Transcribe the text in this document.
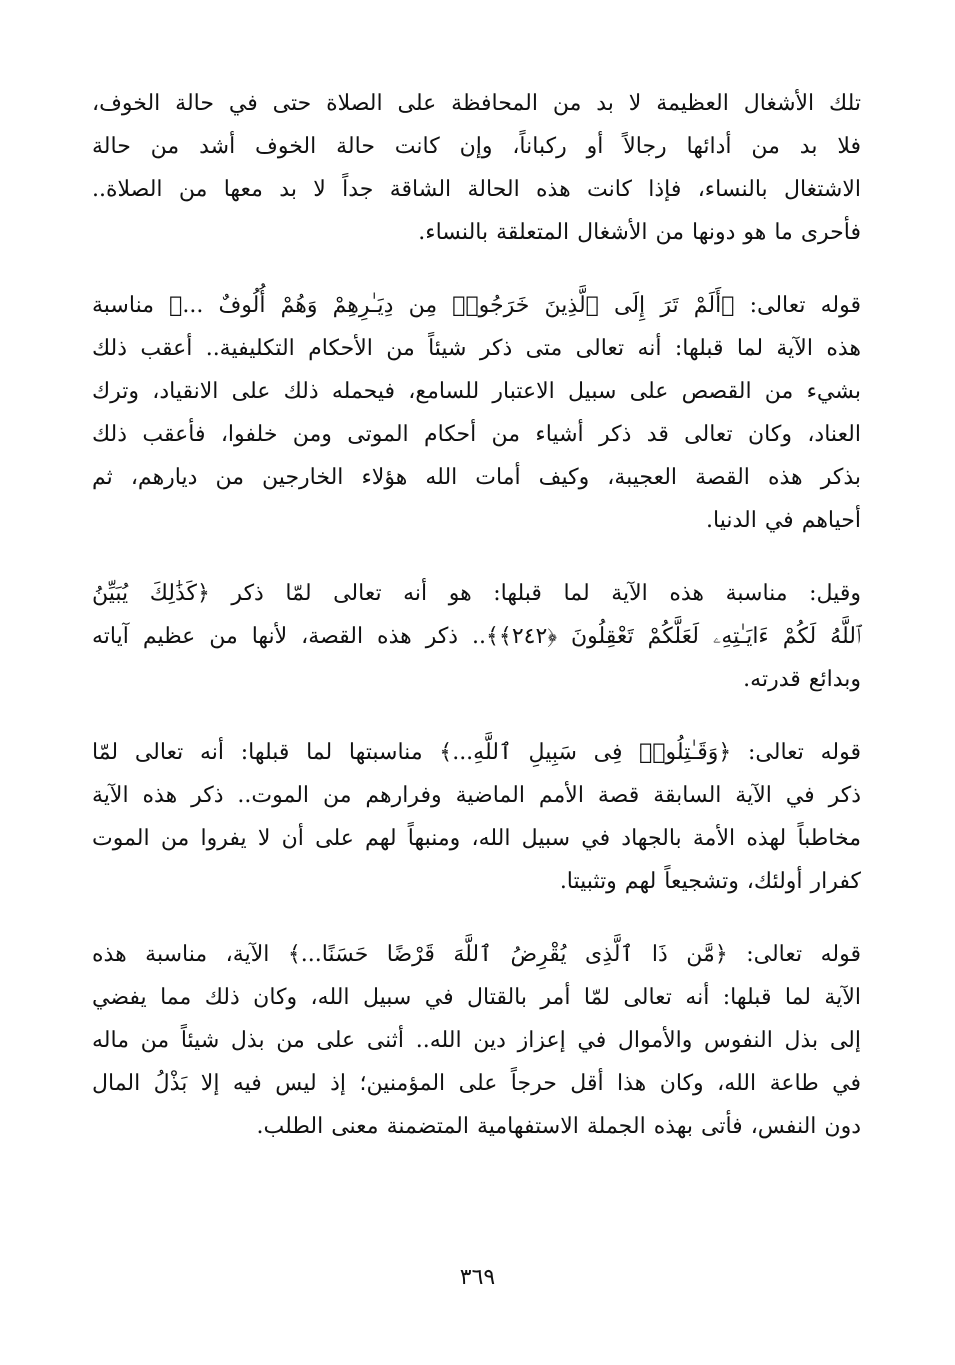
تلك الأشغال العظيمة لا بد من المحافظة على الصلاة حتى في حالة الخوف،
فلا بد من أدائها رجالاً أو ركباناً، وإن كانت حالة الخوف أشد من حالة
الاشتغال بالنساء، فإذا كانت هذه الحالة الشاقة جداً لا بد معها من الصلاة..
فأحرى ما هو دونها من الأشغال المتعلقة بالنساء.

قوله تعالى: ﴿أَلَمْ تَرَ إِلَى ٱلَّذِينَ خَرَجُوا۟ مِن دِيَـٰرِهِمْ وَهُمْ أُلُوفٌ ...﴾ مناسبة
هذه الآية لما قبلها: أنه تعالى متى ذكر شيئاً من الأحكام التكليفية.. أعقب ذلك
بشيء من القصص على سبيل الاعتبار للسامع، فيحمله ذلك على الانقياد، وترك
العناد، وكان تعالى قد ذكر أشياء من أحكام الموتى ومن خلفوا، فأعقب ذلك
بذكر هذه القصة العجيبة، وكيف أمات الله هؤلاء الخارجين من ديارهم، ثم
أحياهم في الدنيا.

وقيل: مناسبة هذه الآية لما قبلها: هو أنه تعالى لمّا ذكر ﴿كَذَٰلِكَ يُبَيِّنُ
ٱللَّهُ لَكُمْ ءَايَـٰتِهِۦ لَعَلَّكُمْ تَعْقِلُونَ ﴿٢٤٢﴾﴾.. ذكر هذه القصة، لأنها من عظيم آياته
وبدائع قدرته.

قوله تعالى: ﴿وَقَـٰتِلُوا۟ فِى سَبِيلِ ٱللَّهِ...﴾ مناسبتها لما قبلها: أنه تعالى لمّا
ذكر في الآية السابقة قصة الأمم الماضية وفرارهم من الموت.. ذكر هذه الآية
مخاطباً لهذه الأمة بالجهاد في سبيل الله، ومنبهاً لهم على أن لا يفروا من الموت
كفرار أولئك، وتشجيعاً لهم وتثبيتا.

قوله تعالى: ﴿مَّن ذَا ٱلَّذِى يُقْرِضُ ٱللَّهَ قَرْضًا حَسَنًا...﴾ الآية، مناسبة هذه
الآية لما قبلها: أنه تعالى لمّا أمر بالقتال في سبيل الله، وكان ذلك مما يفضي
إلى بذل النفوس والأموال في إعزاز دين الله.. أثنى على من بذل شيئاً من ماله
في طاعة الله، وكان هذا أقل حرجاً على المؤمنين؛ إذ ليس فيه إلا بَذْلُ المال
دون النفس، فأتى بهذه الجملة الاستفهامية المتضمنة معنى الطلب.

٣٦٩
